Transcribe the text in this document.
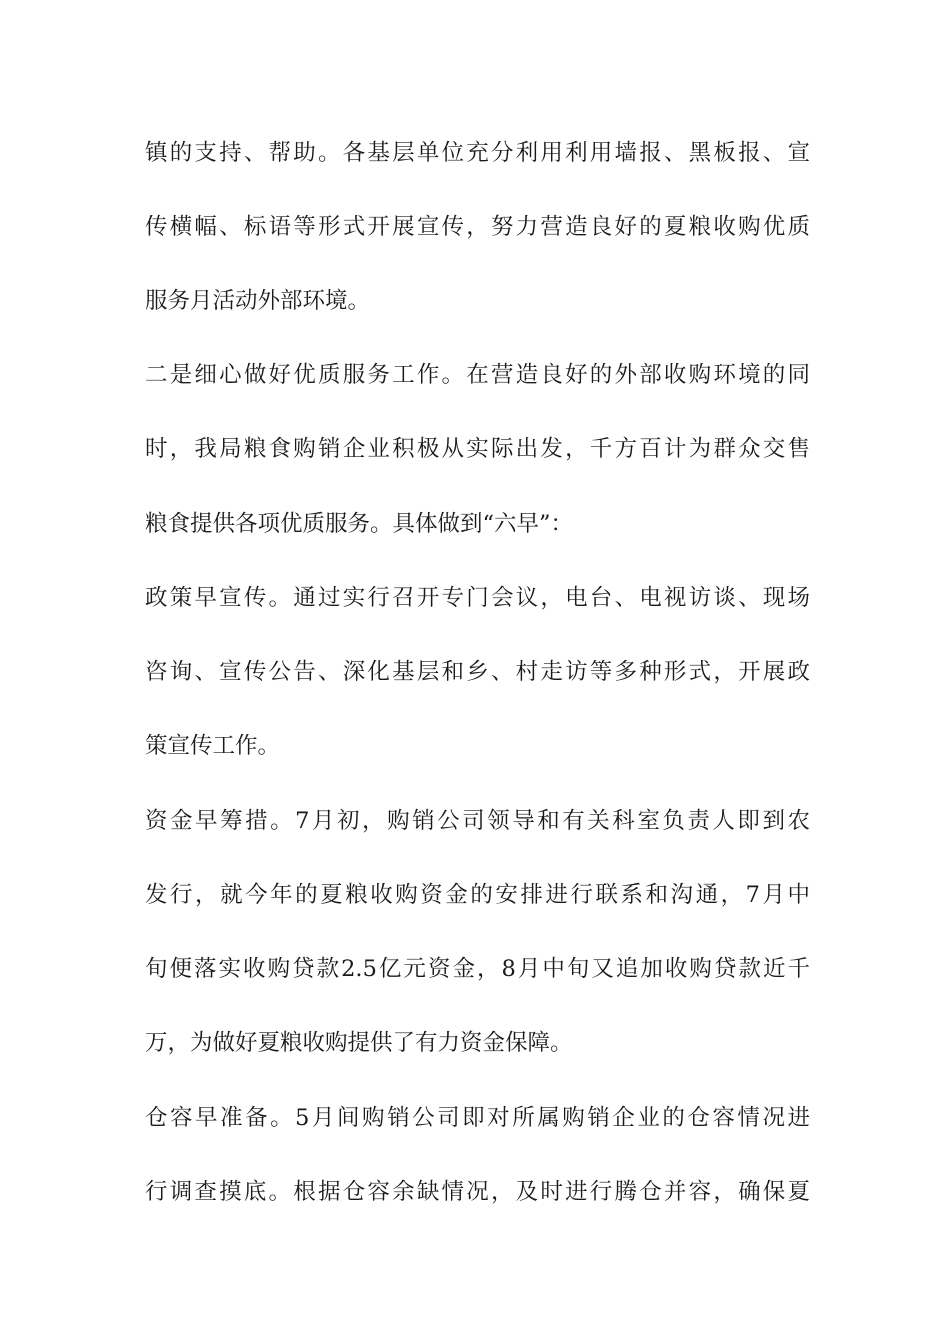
镇的支持、帮助。各基层单位充分利用利用墙报、黑板报、宣
传横幅、标语等形式开展宣传，努力营造良好的夏粮收购优质
服务月活动外部环境。
二是细心做好优质服务工作。在营造良好的外部收购环境的同
时，我局粮食购销企业积极从实际出发，千方百计为群众交售
粮食提供各项优质服务。具体做到“六早”：
政策早宣传。通过实行召开专门会议，电台、电视访谈、现场
咨询、宣传公告、深化基层和乡、村走访等多种形式，开展政
策宣传工作。
资金早筹措。7月初，购销公司领导和有关科室负责人即到农
发行，就今年的夏粮收购资金的安排进行联系和沟通，7月中
旬便落实收购贷款2.5亿元资金，8月中旬又追加收购贷款近千
万，为做好夏粮收购提供了有力资金保障。
仓容早准备。5月间购销公司即对所属购销企业的仓容情况进
行调查摸底。根据仓容余缺情况，及时进行腾仓并容，确保夏
